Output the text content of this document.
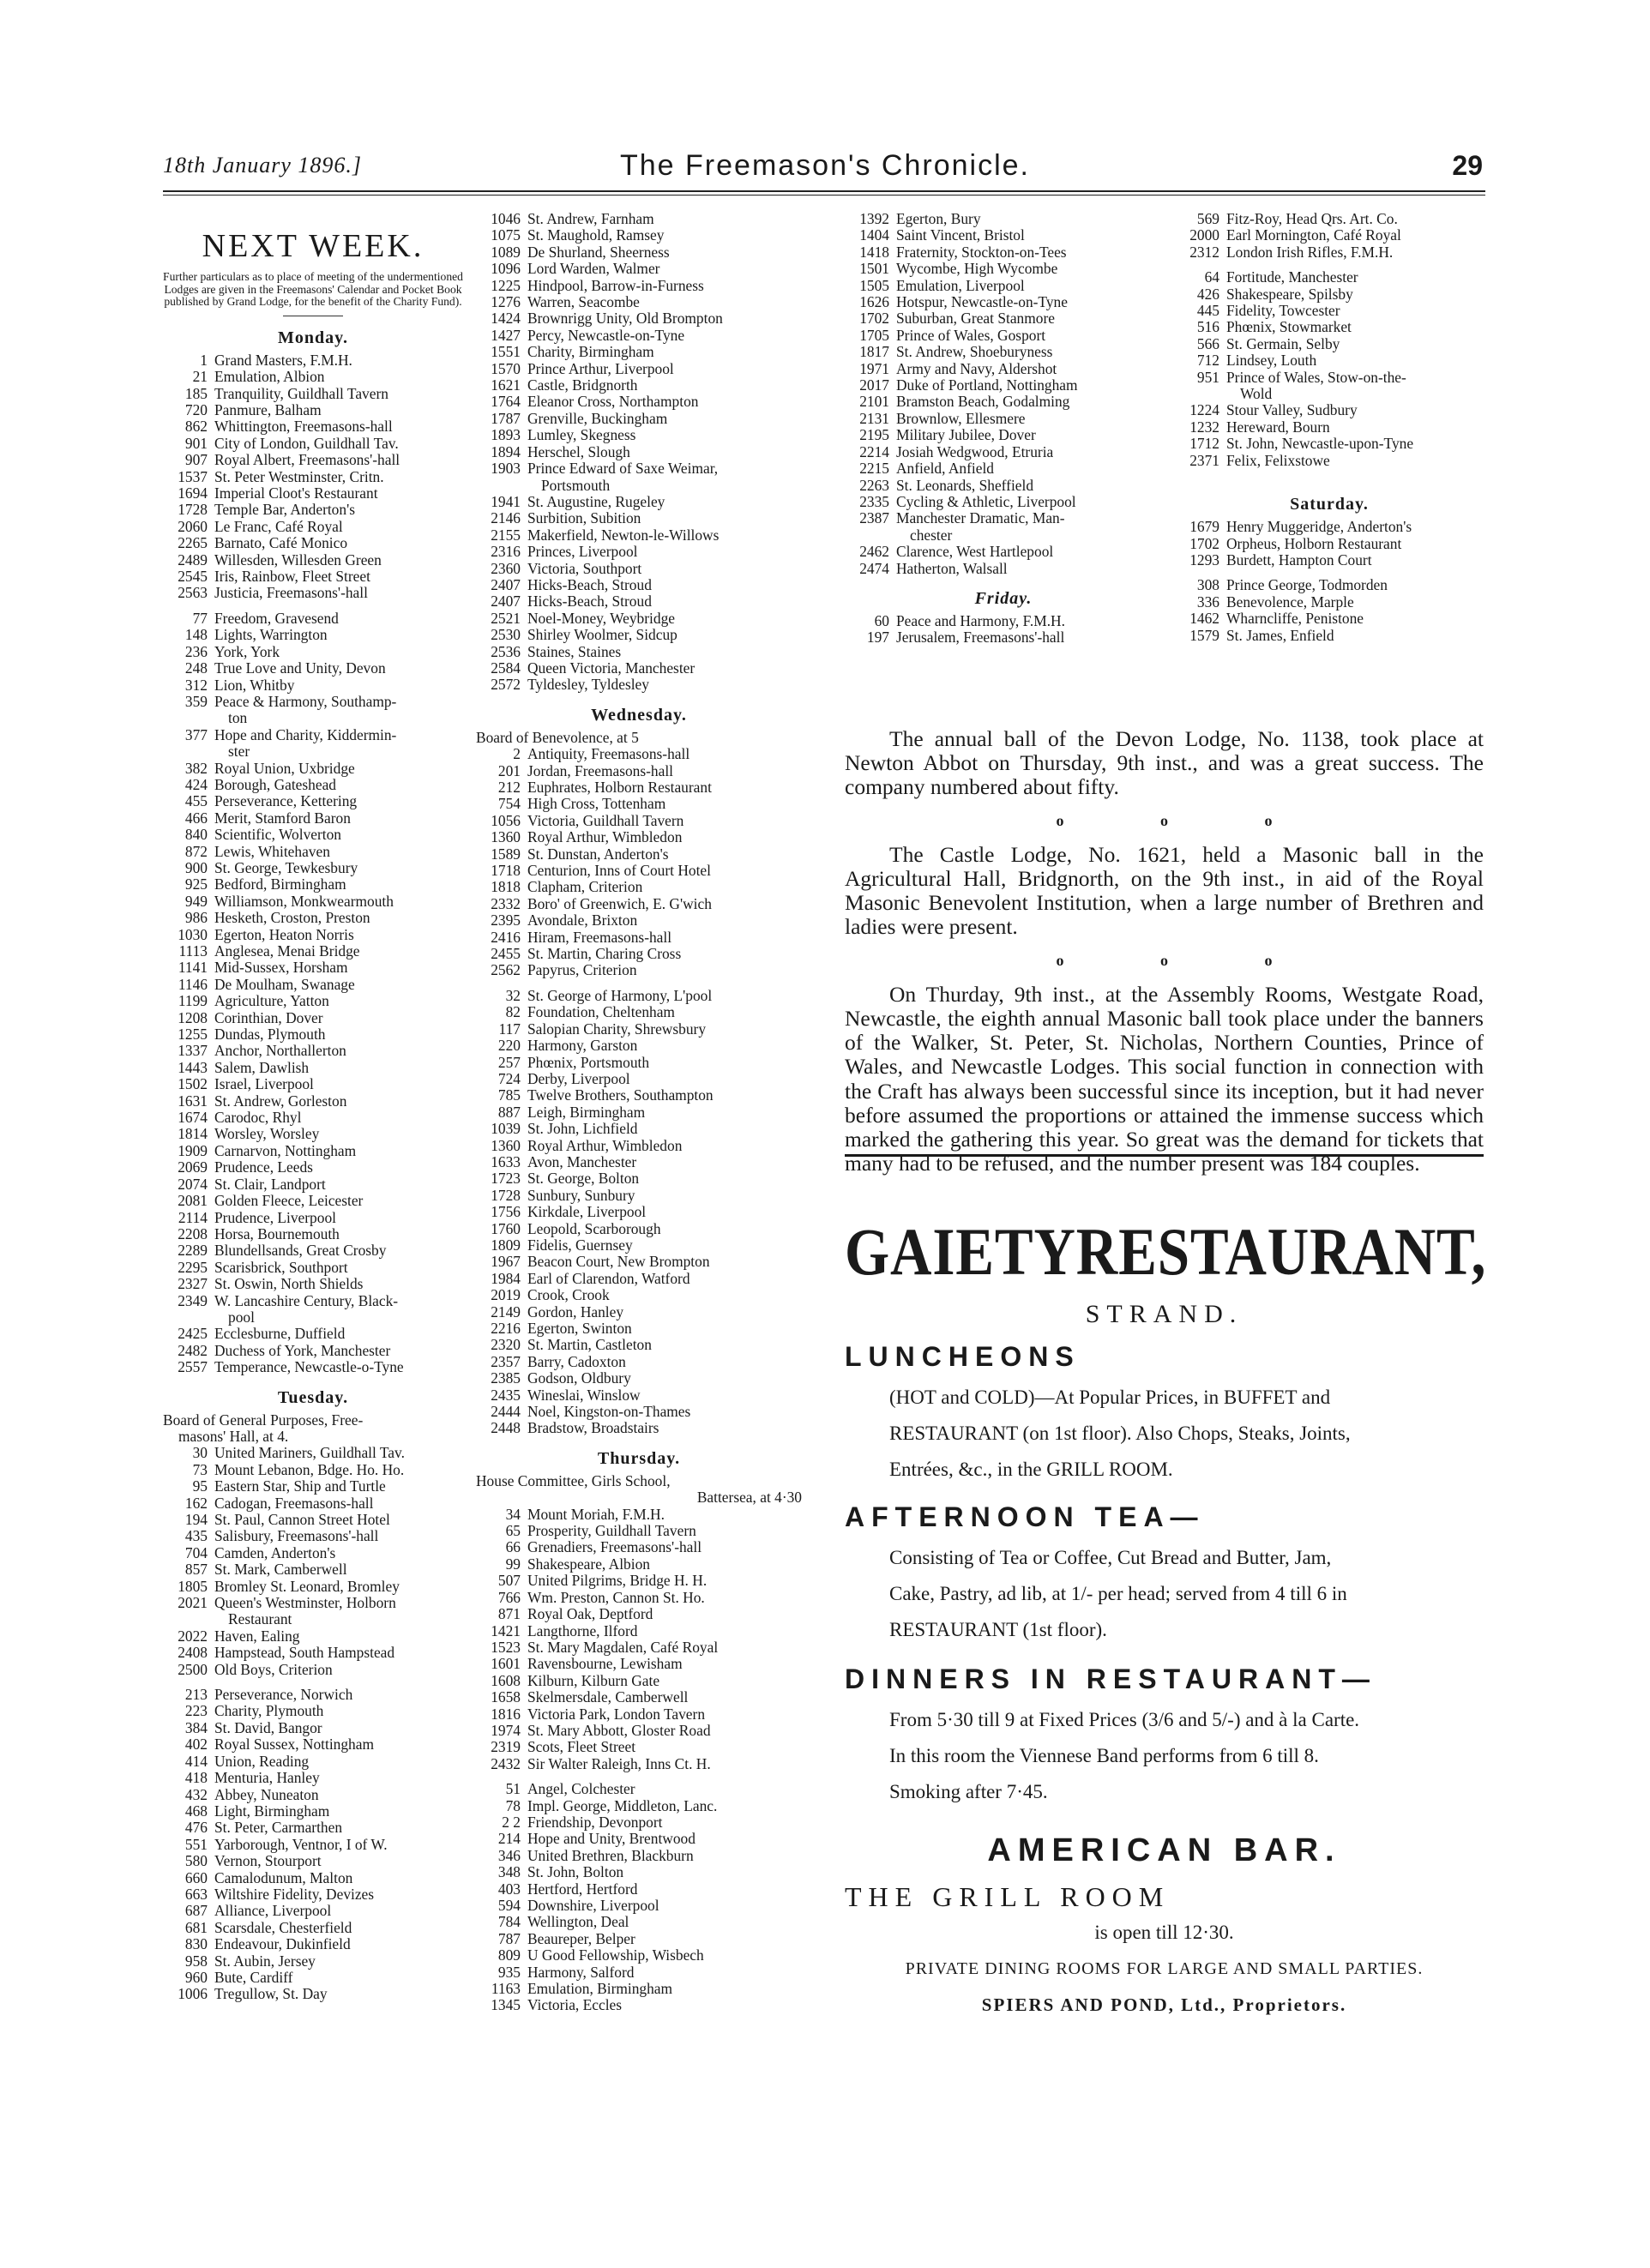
18th January 1896.]	The Freemason's Chronicle.	29
NEXT WEEK.
Further particulars as to place of meeting of the undermentioned Lodges are given in the Freemasons' Calendar and Pocket Book published by Grand Lodge, for the benefit of the Charity Fund).
Monday.
1 Grand Masters, F.M.H.
21 Emulation, Albion
185 Tranquility, Guildhall Tavern
720 Panmure, Balham
862 Whittington, Freemasons-hall
901 City of London, Guildhall Tav.
907 Royal Albert, Freemasons'-hall
1537 St. Peter Westminster, Critn.
1694 Imperial Cloot's Restaurant
1728 Temple Bar, Anderton's
2060 Le Franc, Café Royal
2265 Barnato, Café Monico
2489 Willesden, Willesden Green
2545 Iris, Rainbow, Fleet Street
2563 Justicia, Freemasons'-hall
77 Freedom, Gravesend
148 Lights, Warrington
236 York, York
248 True Love and Unity, Devon
312 Lion, Whitby
359 Peace & Harmony, Southamp-
ton
377 Hope and Charity, Kiddermin-
ster
382 Royal Union, Uxbridge
424 Borough, Gateshead
455 Perseverance, Kettering
466 Merit, Stamford Baron
840 Scientific, Wolverton
872 Lewis, Whitehaven
900 St. George, Tewkesbury
925 Bedford, Birmingham
949 Williamson, Monkwearmouth
986 Hesketh, Croston, Preston
1030 Egerton, Heaton Norris
1113 Anglesea, Menai Bridge
1141 Mid-Sussex, Horsham
1146 De Moulham, Swanage
1199 Agriculture, Yatton
1208 Corinthian, Dover
1255 Dundas, Plymouth
1337 Anchor, Northallerton
1443 Salem, Dawlish
1502 Israel, Liverpool
1631 St. Andrew, Gorleston
1674 Carodoc, Rhyl
1814 Worsley, Worsley
1909 Carnarvon, Nottingham
2069 Prudence, Leeds
2074 St. Clair, Landport
2081 Golden Fleece, Leicester
2114 Prudence, Liverpool
2208 Horsa, Bournemouth
2289 Blundellsands, Great Crosby
2295 Scarisbrick, Southport
2327 St. Oswin, North Shields
2349 W. Lancashire Century, Black-
pool
2425 Ecclesburne, Duffield
2482 Duchess of York, Manchester
2557 Temperance, Newcastle-o-Tyne
Tuesday.
Board of General Purposes, Free-
masons' Hall, at 4.
30 United Mariners, Guildhall Tav.
73 Mount Lebanon, Bdge. Ho. Ho.
95 Eastern Star, Ship and Turtle
162 Cadogan, Freemasons-hall
194 St. Paul, Cannon Street Hotel
435 Salisbury, Freemasons'-hall
704 Camden, Anderton's
857 St. Mark, Camberwell
1805 Bromley St. Leonard, Bromley
2021 Queen's Westminster, Holborn
Restaurant
2022 Haven, Ealing
2408 Hampstead, South Hampstead
2500 Old Boys, Criterion
213 Perseverance, Norwich
223 Charity, Plymouth
384 St. David, Bangor
402 Royal Sussex, Nottingham
414 Union, Reading
418 Menturia, Hanley
432 Abbey, Nuneaton
468 Light, Birmingham
476 St. Peter, Carmarthen
551 Yarborough, Ventnor, I of W.
580 Vernon, Stourport
660 Camalodunum, Malton
663 Wiltshire Fidelity, Devizes
687 Alliance, Liverpool
681 Scarsdale, Chesterfield
830 Endeavour, Dukinfield
958 St. Aubin, Jersey
960 Bute, Cardiff
1006 Tregullow, St. Day
1046 St. Andrew, Farnham
1075 St. Maughold, Ramsey
1089 De Shurland, Sheerness
1096 Lord Warden, Walmer
1225 Hindpool, Barrow-in-Furness
1276 Warren, Seacombe
1424 Brownrigg Unity, Old Brompton
1427 Percy, Newcastle-on-Tyne
1551 Charity, Birmingham
1570 Prince Arthur, Liverpool
1621 Castle, Bridgnorth
1764 Eleanor Cross, Northampton
1787 Grenville, Buckingham
1893 Lumley, Skegness
1894 Herschel, Slough
1903 Prince Edward of Saxe Weimar,
Portsmouth
1941 St. Augustine, Rugeley
2146 Surbition, Subition
2155 Makerfield, Newton-le-Willows
2316 Princes, Liverpool
2360 Victoria, Southport
2407 Hicks-Beach, Stroud
2407 Hicks-Beach, Stroud
2521 Noel-Money, Weybridge
2530 Shirley Woolmer, Sidcup
2536 Staines, Staines
2584 Queen Victoria, Manchester
2572 Tyldesley, Tyldesley
Wednesday.
Board of Benevolence, at 5
2 Antiquity, Freemasons-hall
201 Jordan, Freemasons-hall
212 Euphrates, Holborn Restaurant
754 High Cross, Tottenham
1056 Victoria, Guildhall Tavern
1360 Royal Arthur, Wimbledon
1589 St. Dunstan, Anderton's
1718 Centurion, Inns of Court Hotel
1818 Clapham, Criterion
2332 Boro' of Greenwich, E. G'wich
2395 Avondale, Brixton
2416 Hiram, Freemasons-hall
2455 St. Martin, Charing Cross
2562 Papyrus, Criterion
32 St. George of Harmony, L'pool
82 Foundation, Cheltenham
117 Salopian Charity, Shrewsbury
220 Harmony, Garston
257 Phœnix, Portsmouth
724 Derby, Liverpool
785 Twelve Brothers, Southampton
887 Leigh, Birmingham
1039 St. John, Lichfield
1360 Royal Arthur, Wimbledon
1633 Avon, Manchester
1723 St. George, Bolton
1728 Sunbury, Sunbury
1756 Kirkdale, Liverpool
1760 Leopold, Scarborough
1809 Fidelis, Guernsey
1967 Beacon Court, New Brompton
1984 Earl of Clarendon, Watford
2019 Crook, Crook
2149 Gordon, Hanley
2216 Egerton, Swinton
2320 St. Martin, Castleton
2357 Barry, Cadoxton
2385 Godson, Oldbury
2435 Wineslai, Winslow
2444 Noel, Kingston-on-Thames
2448 Bradstow, Broadstairs
Thursday.
House Committee, Girls School,
Battersea, at 4·30
34 Mount Moriah, F.M.H.
65 Prosperity, Guildhall Tavern
66 Grenadiers, Freemasons'-hall
99 Shakespeare, Albion
507 United Pilgrims, Bridge H. H.
766 Wm. Preston, Cannon St. Ho.
871 Royal Oak, Deptford
1421 Langthorne, Ilford
1523 St. Mary Magdalen, Café Royal
1601 Ravensbourne, Lewisham
1608 Kilburn, Kilburn Gate
1658 Skelmersdale, Camberwell
1816 Victoria Park, London Tavern
1974 St. Mary Abbott, Gloster Road
2319 Scots, Fleet Street
2432 Sir Walter Raleigh, Inns Ct. H.
51 Angel, Colchester
78 Impl. George, Middleton, Lanc.
2 2 Friendship, Devonport
214 Hope and Unity, Brentwood
346 United Brethren, Blackburn
348 St. John, Bolton
403 Hertford, Hertford
594 Downshire, Liverpool
784 Wellington, Deal
787 Beaureper, Belper
809 U Good Fellowship, Wisbech
935 Harmony, Salford
1163 Emulation, Birmingham
1345 Victoria, Eccles
1392 Egerton, Bury
1404 Saint Vincent, Bristol
1418 Fraternity, Stockton-on-Tees
1501 Wycombe, High Wycombe
1505 Emulation, Liverpool
1626 Hotspur, Newcastle-on-Tyne
1702 Suburban, Great Stanmore
1705 Prince of Wales, Gosport
1817 St. Andrew, Shoeburyness
1971 Army and Navy, Aldershot
2017 Duke of Portland, Nottingham
2101 Bramston Beach, Godalming
2131 Brownlow, Ellesmere
2195 Military Jubilee, Dover
2214 Josiah Wedgwood, Etruria
2215 Anfield, Anfield
2263 St. Leonards, Sheffield
2335 Cycling & Athletic, Liverpool
2387 Manchester Dramatic, Man-
chester
2462 Clarence, West Hartlepool
2474 Hatherton, Walsall
Friday.
60 Peace and Harmony, F.M.H.
197 Jerusalem, Freemasons'-hall
569 Fitz-Roy, Head Qrs. Art. Co.
2000 Earl Mornington, Café Royal
2312 London Irish Rifles, F.M.H.
64 Fortitude, Manchester
426 Shakespeare, Spilsby
445 Fidelity, Towcester
516 Phœnix, Stowmarket
566 St. Germain, Selby
712 Lindsey, Louth
951 Prince of Wales, Stow-on-the-
Wold
1224 Stour Valley, Sudbury
1232 Hereward, Bourn
1712 St. John, Newcastle-upon-Tyne
2371 Felix, Felixstowe
Saturday.
1679 Henry Muggeridge, Anderton's
1702 Orpheus, Holborn Restaurant
1293 Burdett, Hampton Court
308 Prince George, Todmorden
336 Benevolence, Marple
1462 Wharncliffe, Penistone
1579 St. James, Enfield

The annual ball of the Devon Lodge, No. 1138, took place at Newton Abbot on Thursday, 9th inst., and was a great success. The company numbered about fifty.

o o o

The Castle Lodge, No. 1621, held a Masonic ball in the Agricultural Hall, Bridgnorth, on the 9th inst., in aid of the Royal Masonic Benevolent Institution, when a large number of Brethren and ladies were present.

o o o

On Thurday, 9th inst., at the Assembly Rooms, Westgate Road, Newcastle, the eighth annual Masonic ball took place under the banners of the Walker, St. Peter, St. Nicholas, Northern Counties, Prince of Wales, and Newcastle Lodges. This social function in connection with the Craft has always been successful since its inception, but it had never before assumed the proportions or attained the immense success which marked the gathering this year. So great was the demand for tickets that many had to be refused, and the number present was 184 couples.

GAIETY RESTAURANT,
STRAND.
LUNCHEONS
(HOT and COLD)—At Popular Prices, in BUFFET and
RESTAURANT (on 1st floor). Also Chops, Steaks, Joints,
Entrées, &c., in the GRILL ROOM.
AFTERNOON TEA—
Consisting of Tea or Coffee, Cut Bread and Butter, Jam,
Cake, Pastry, ad lib, at 1/- per head; served from 4 till 6 in
RESTAURANT (1st floor).
DINNERS IN RESTAURANT—
From 5·30 till 9 at Fixed Prices (3/6 and 5/-) and à la Carte.
In this room the Viennese Band performs from 6 till 8.
Smoking after 7·45.
AMERICAN BAR.
THE GRILL ROOM
is open till 12·30.
PRIVATE DINING ROOMS FOR LARGE AND SMALL PARTIES.
SPIERS AND POND, Ltd., Proprietors.
